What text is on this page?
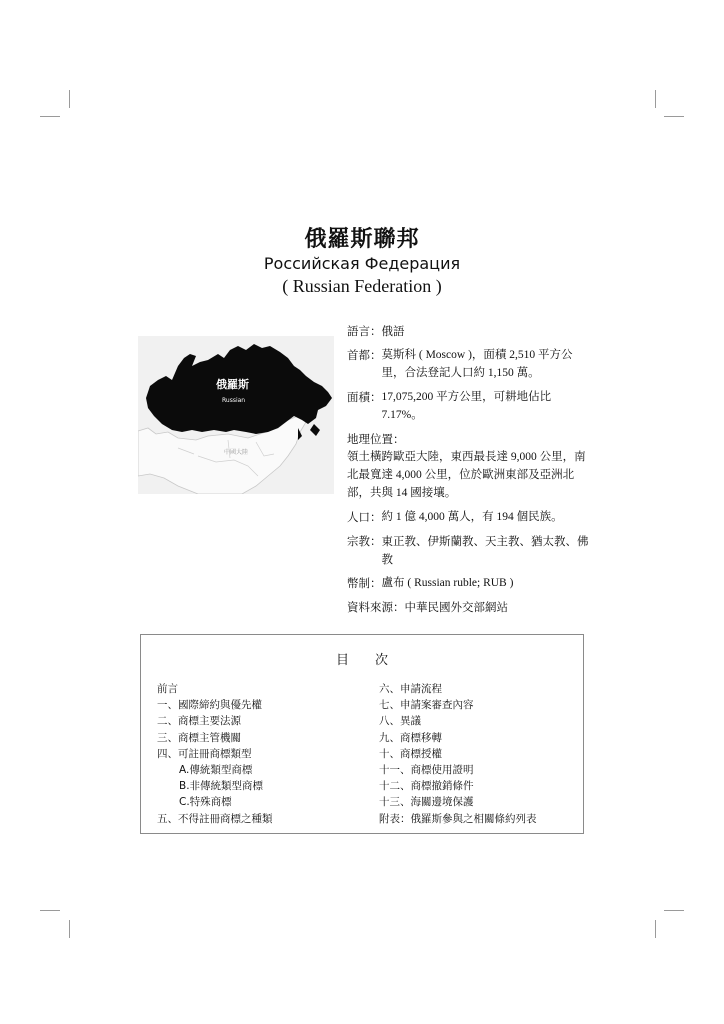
俄羅斯聯邦
Российская Федерация
( Russian Federation )
俄羅斯
Russian
中國大陸
語言： 俄語
首都： 莫斯科 ( Moscow )，面積 2,510 平方公里，合法登記人口約 1,150 萬。
面積： 17,075,200 平方公里，可耕地佔比 7.17%。
地理位置：
領土橫跨歐亞大陸，東西最長達 9,000 公里，南北最寬達 4,000 公里，位於歐洲東部及亞洲北部，共與 14 國接壤。
人口： 約 1 億 4,000 萬人，有 194 個民族。
宗教： 東正教、伊斯蘭教、天主教、猶太教、佛教
幣制： 盧布 ( Russian ruble; RUB )
資料來源： 中華民國外交部網站
目次
前言
一、國際締約與優先權
二、商標主要法源
三、商標主管機關
四、可註冊商標類型
A.傳統類型商標
B.非傳統類型商標
C.特殊商標
五、不得註冊商標之種類
六、申請流程
七、申請案審查內容
八、異議
九、商標移轉
十、商標授權
十一、商標使用證明
十二、商標撤銷條件
十三、海關邊境保護
附表：俄羅斯參與之相關條約列表
